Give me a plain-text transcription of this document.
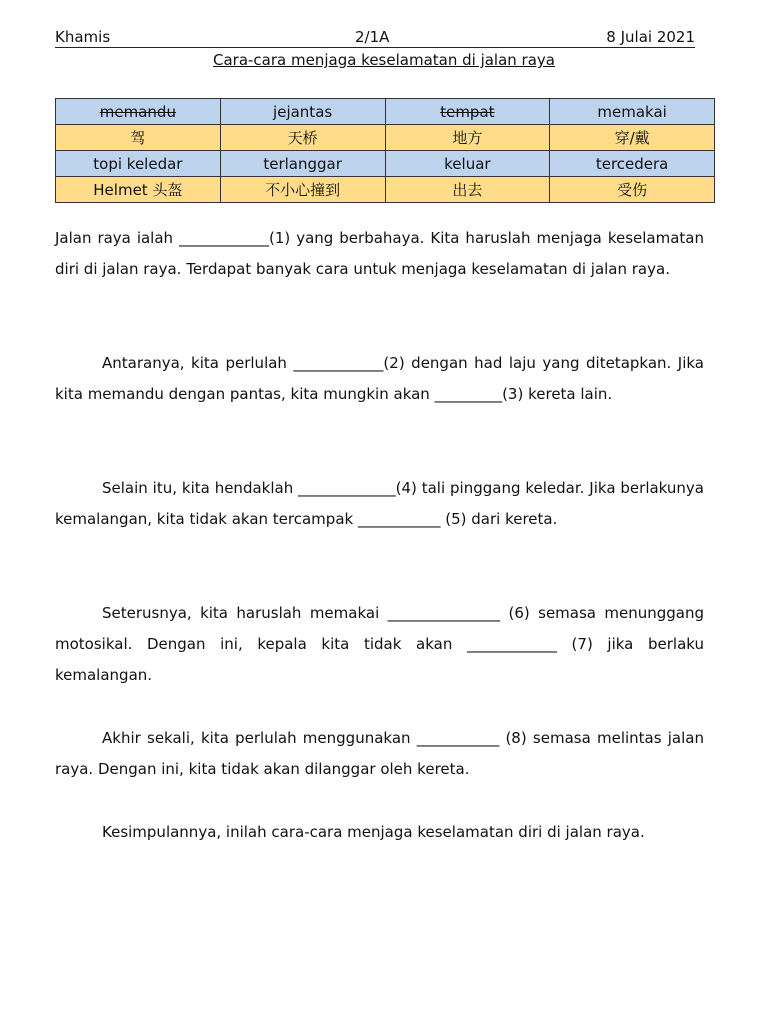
Khamis	2/1A	8 Julai 2021
Cara-cara menjaga keselamatan di jalan raya
memandu	jejantas	tempat	memakai
驾	天桥	地方	穿/戴
topi keledar	terlanggar	keluar	tercedera
Helmet 头盔	不小心撞到	出去	受伤

Jalan raya ialah ____________(1) yang berbahaya. Kita haruslah menjaga keselamatan diri di jalan raya. Terdapat banyak cara untuk menjaga keselamatan di jalan raya.

Antaranya, kita perlulah ____________(2) dengan had laju yang ditetapkan. Jika kita memandu dengan pantas, kita mungkin akan _________(3) kereta lain.

Selain itu, kita hendaklah _____________(4) tali pinggang keledar. Jika berlakunya kemalangan, kita tidak akan tercampak ___________ (5) dari kereta.

Seterusnya, kita haruslah memakai _______________ (6) semasa menunggang motosikal. Dengan ini, kepala kita tidak akan ____________ (7) jika berlaku kemalangan.

Akhir sekali, kita perlulah menggunakan ___________ (8) semasa melintas jalan raya. Dengan ini, kita tidak akan dilanggar oleh kereta.

Kesimpulannya, inilah cara-cara menjaga keselamatan diri di jalan raya.
